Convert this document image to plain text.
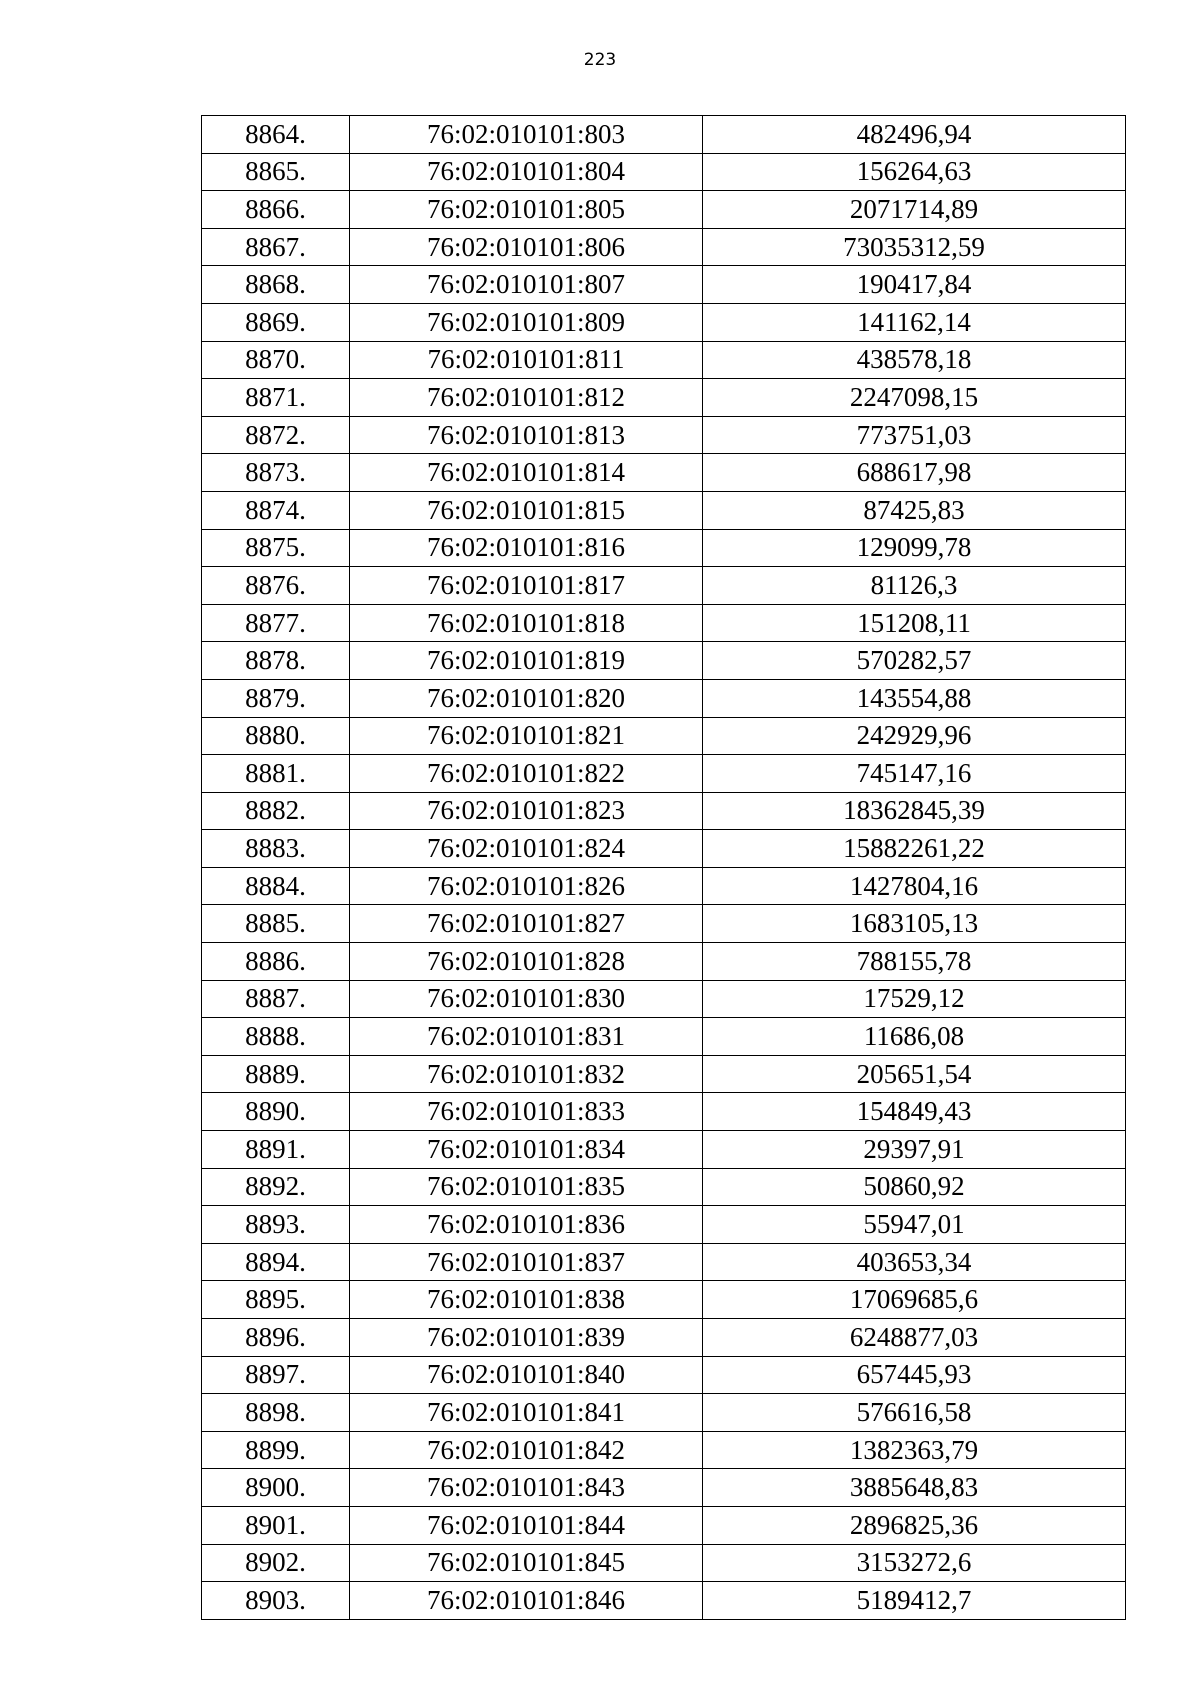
223
8864.	76:02:010101:803	482496,94
8865.	76:02:010101:804	156264,63
8866.	76:02:010101:805	2071714,89
8867.	76:02:010101:806	73035312,59
8868.	76:02:010101:807	190417,84
8869.	76:02:010101:809	141162,14
8870.	76:02:010101:811	438578,18
8871.	76:02:010101:812	2247098,15
8872.	76:02:010101:813	773751,03
8873.	76:02:010101:814	688617,98
8874.	76:02:010101:815	87425,83
8875.	76:02:010101:816	129099,78
8876.	76:02:010101:817	81126,3
8877.	76:02:010101:818	151208,11
8878.	76:02:010101:819	570282,57
8879.	76:02:010101:820	143554,88
8880.	76:02:010101:821	242929,96
8881.	76:02:010101:822	745147,16
8882.	76:02:010101:823	18362845,39
8883.	76:02:010101:824	15882261,22
8884.	76:02:010101:826	1427804,16
8885.	76:02:010101:827	1683105,13
8886.	76:02:010101:828	788155,78
8887.	76:02:010101:830	17529,12
8888.	76:02:010101:831	11686,08
8889.	76:02:010101:832	205651,54
8890.	76:02:010101:833	154849,43
8891.	76:02:010101:834	29397,91
8892.	76:02:010101:835	50860,92
8893.	76:02:010101:836	55947,01
8894.	76:02:010101:837	403653,34
8895.	76:02:010101:838	17069685,6
8896.	76:02:010101:839	6248877,03
8897.	76:02:010101:840	657445,93
8898.	76:02:010101:841	576616,58
8899.	76:02:010101:842	1382363,79
8900.	76:02:010101:843	3885648,83
8901.	76:02:010101:844	2896825,36
8902.	76:02:010101:845	3153272,6
8903.	76:02:010101:846	5189412,7
